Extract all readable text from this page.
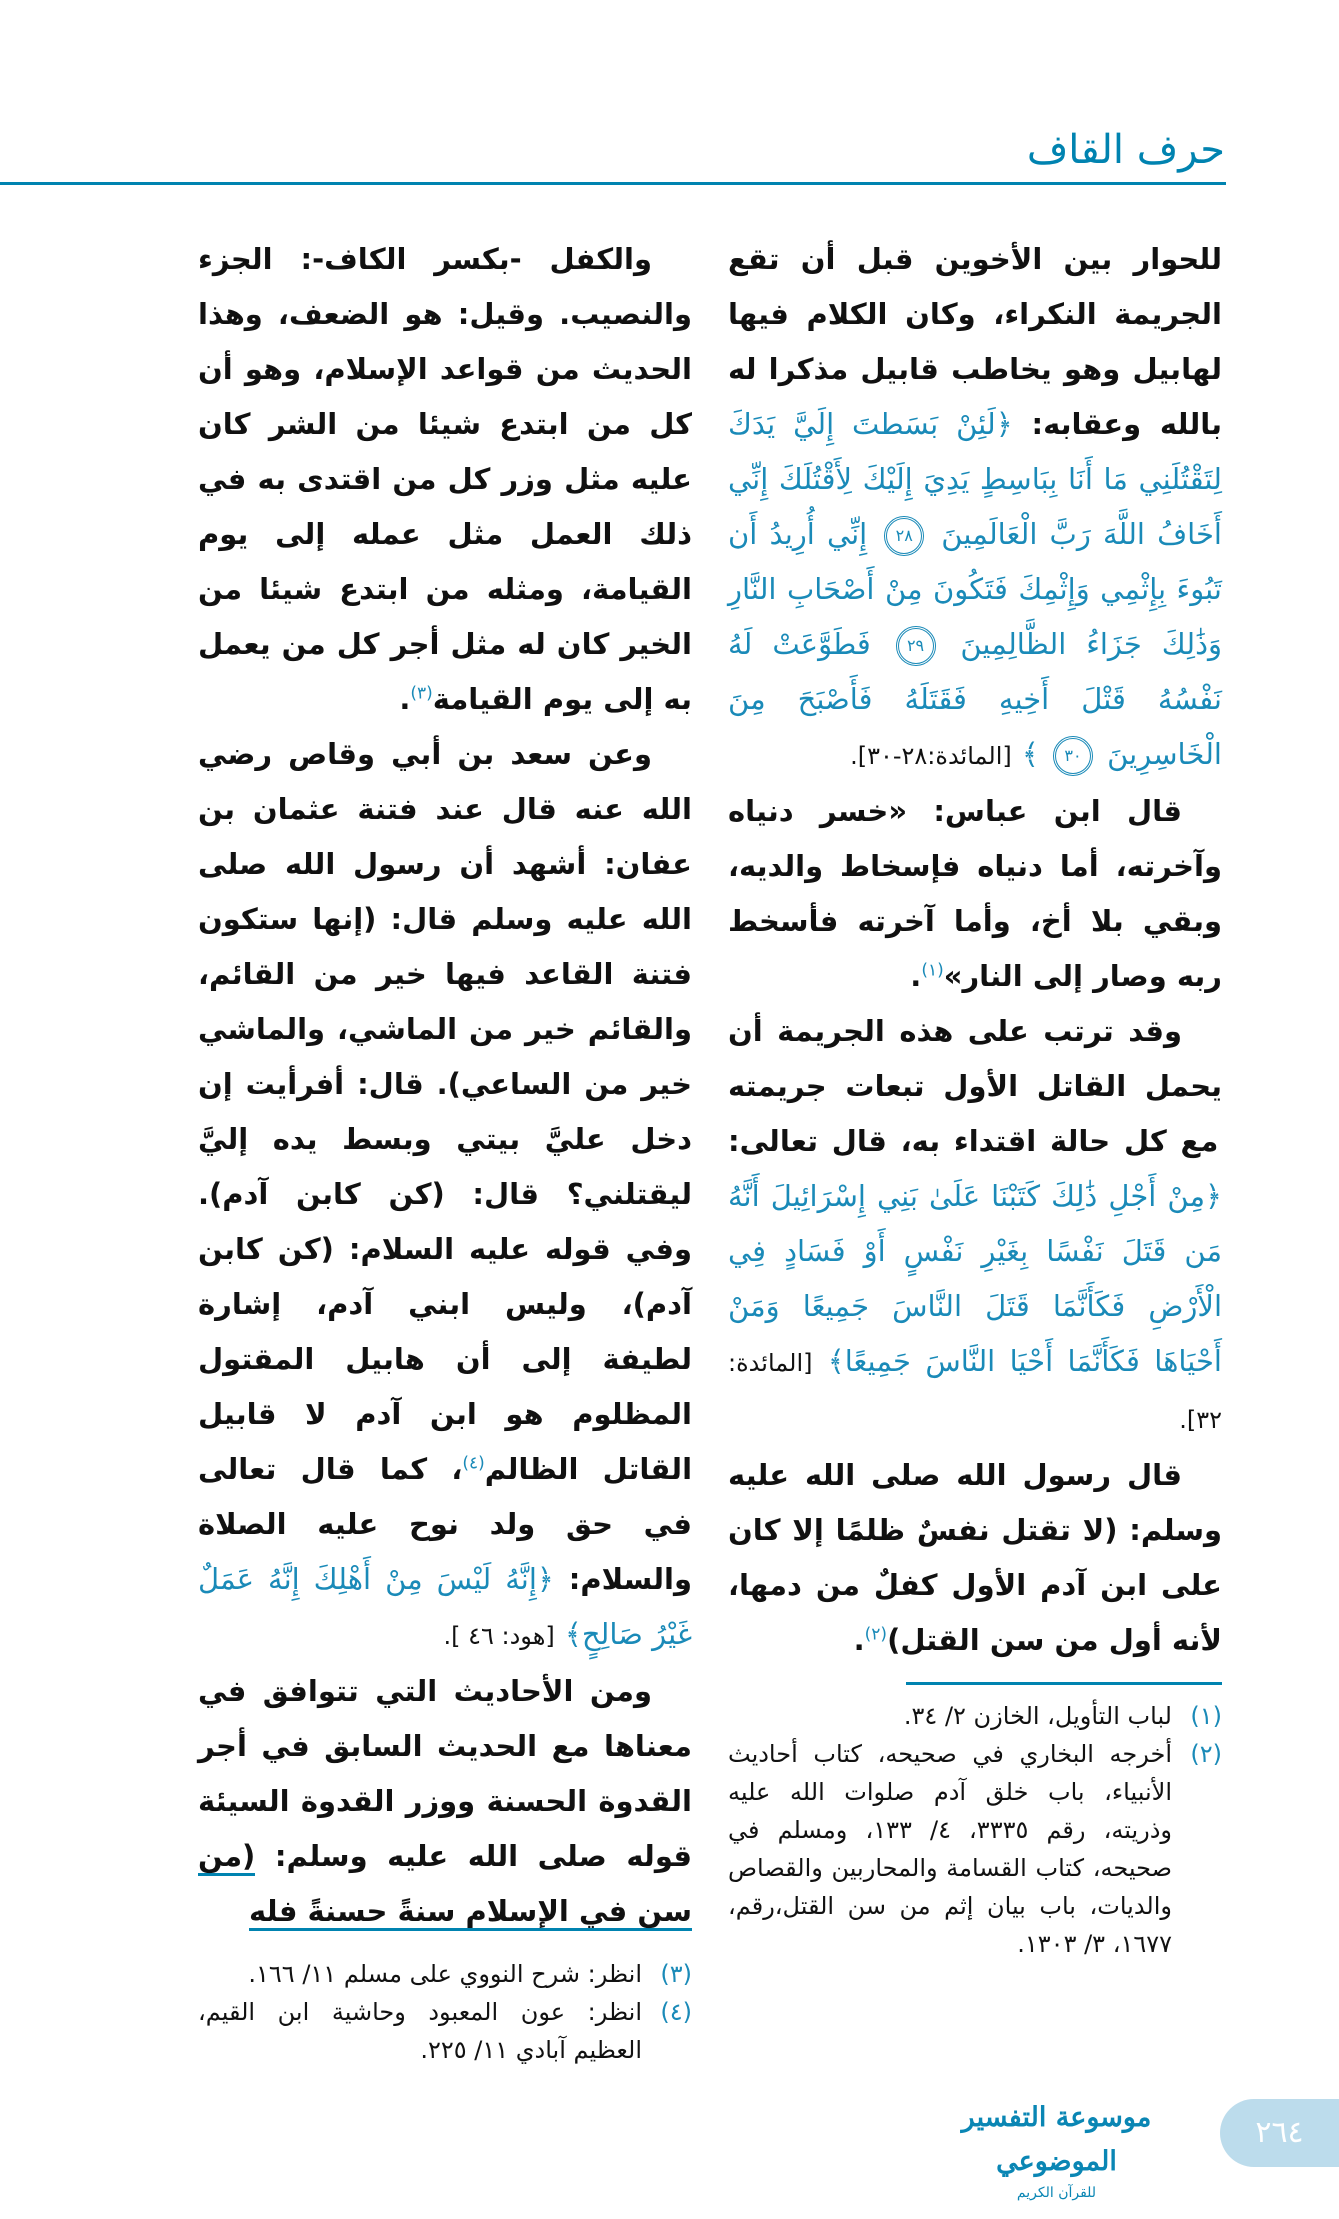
حرف القاف

للحوار بين الأخوين قبل أن تقع الجريمة النكراء، وكان الكلام فيها لهابيل وهو يخاطب قابيل مذكرا له بالله وعقابه: ﴿لَئِنْ بَسَطتَ إِلَيَّ يَدَكَ لِتَقْتُلَنِي مَا أَنَا بِبَاسِطٍ يَدِيَ إِلَيْكَ لِأَقْتُلَكَ إِنِّي أَخَافُ اللَّهَ رَبَّ الْعَالَمِينَ ٢٨ إِنِّي أُرِيدُ أَن تَبُوءَ بِإِثْمِي وَإِثْمِكَ فَتَكُونَ مِنْ أَصْحَابِ النَّارِ وَذَٰلِكَ جَزَاءُ الظَّالِمِينَ ٢٩ فَطَوَّعَتْ لَهُ نَفْسُهُ قَتْلَ أَخِيهِ فَقَتَلَهُ فَأَصْبَحَ مِنَ الْخَاسِرِينَ ٣٠ ﴾ [المائدة:٢٨-٣٠].

قال ابن عباس: «خسر دنياه وآخرته، أما دنياه فإسخاط والديه، وبقي بلا أخ، وأما آخرته فأسخط ربه وصار إلى النار»$^{(١)}$.

وقد ترتب على هذه الجريمة أن يحمل القاتل الأول تبعات جريمته مع كل حالة اقتداء به، قال تعالى: ﴿مِنْ أَجْلِ ذَٰلِكَ كَتَبْنَا عَلَىٰ بَنِي إِسْرَائِيلَ أَنَّهُ مَن قَتَلَ نَفْسًا بِغَيْرِ نَفْسٍ أَوْ فَسَادٍ فِي الْأَرْضِ فَكَأَنَّمَا قَتَلَ النَّاسَ جَمِيعًا وَمَنْ أَحْيَاهَا فَكَأَنَّمَا أَحْيَا النَّاسَ جَمِيعًا﴾ [المائدة: ٣٢].

قال رسول الله صلى الله عليه وسلم: (لا تقتل نفسٌ ظلمًا إلا كان على ابن آدم الأول كفلٌ من دمها، لأنه أول من سن القتل)$^{(٢)}$.

(١)
لباب التأويل، الخازن ٢/ ٣٤.
(٢)
أخرجه البخاري في صحيحه، كتاب أحاديث الأنبياء، باب خلق آدم صلوات الله عليه وذريته، رقم ٣٣٣٥، ٤/ ١٣٣، ومسلم في صحيحه، كتاب القسامة والمحاربين والقصاص والديات، باب بيان إثم من سن القتل،رقم، ١٦٧٧، ٣/ ١٣٠٣.

والكفل -بكسر الكاف-: الجزء والنصيب. وقيل: هو الضعف، وهذا الحديث من قواعد الإسلام، وهو أن كل من ابتدع شيئا من الشر كان عليه مثل وزر كل من اقتدى به في ذلك العمل مثل عمله إلى يوم القيامة، ومثله من ابتدع شيئا من الخير كان له مثل أجر كل من يعمل به إلى يوم القيامة$^{(٣)}$.

وعن سعد بن أبي وقاص رضي الله عنه قال عند فتنة عثمان بن عفان: أشهد أن رسول الله صلى الله عليه وسلم قال: (إنها ستكون فتنة القاعد فيها خير من القائم، والقائم خير من الماشي، والماشي خير من الساعي). قال: أفرأيت إن دخل عليَّ بيتي وبسط يده إليَّ ليقتلني؟ قال: (كن كابن آدم). وفي قوله عليه السلام: (كن كابن آدم)، وليس ابني آدم، إشارة لطيفة إلى أن هابيل المقتول المظلوم هو ابن آدم لا قابيل القاتل الظالم$^{(٤)}$، كما قال تعالى في حق ولد نوح عليه الصلاة والسلام: ﴿إِنَّهُ لَيْسَ مِنْ أَهْلِكَ إِنَّهُ عَمَلٌ غَيْرُ صَالِحٍ﴾ [هود: ٤٦ ].

ومن الأحاديث التي تتوافق في معناها مع الحديث السابق في أجر القدوة الحسنة ووزر القدوة السيئة قوله صلى الله عليه وسلم: (من سن في الإسلام سنةً حسنةً فله

(٣)
انظر: شرح النووي على مسلم ١١/ ١٦٦.
(٤)
انظر: عون المعبود وحاشية ابن القيم، العظيم آبادي ١١/ ٢٢٥.
موسوعة التفسير الموضوعي
للقرآن الكريم
٢٦٤
